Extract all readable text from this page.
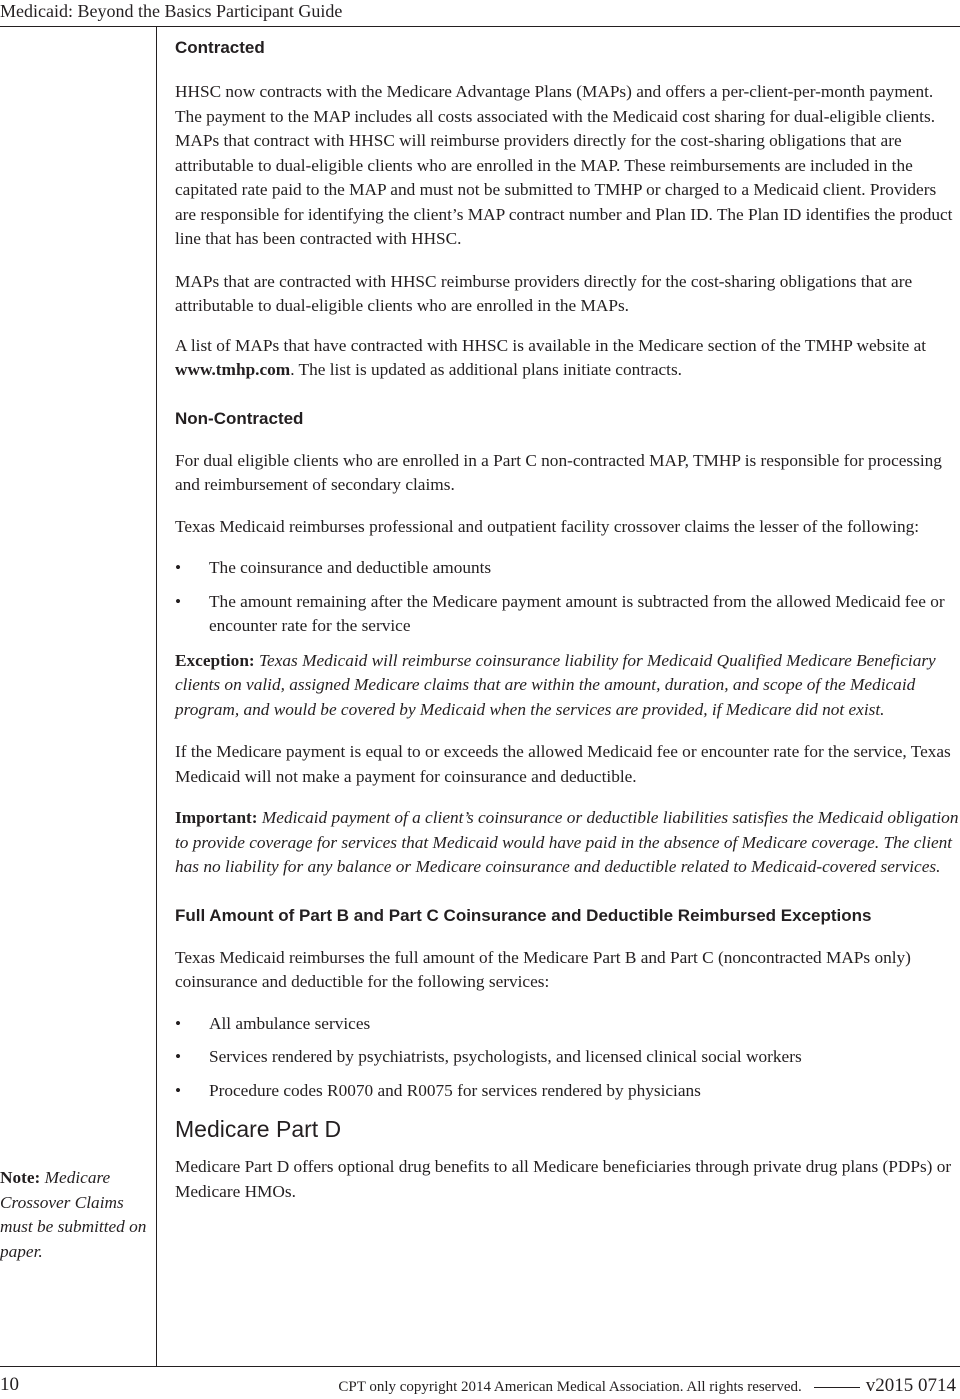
Medicaid: Beyond the Basics Participant Guide
Note: Medicare Crossover Claims must be submitted on paper.
Contracted

HHSC now contracts with the Medicare Advantage Plans (MAPs) and offers a per-client-per-month payment. The payment to the MAP includes all costs associated with the Medicaid cost sharing for dual-eligible clients. MAPs that contract with HHSC will reimburse providers directly for the cost-sharing obligations that are attributable to dual-eligible clients who are enrolled in the MAP. These reimbursements are included in the capitated rate paid to the MAP and must not be submitted to TMHP or charged to a Medicaid client. Providers are responsible for identifying the client’s MAP contract number and Plan ID. The Plan ID identifies the product line that has been contracted with HHSC.

MAPs that are contracted with HHSC reimburse providers directly for the cost-sharing obligations that are attributable to dual-eligible clients who are enrolled in the MAPs.

A list of MAPs that have contracted with HHSC is available in the Medicare section of the TMHP website at www.tmhp.com. The list is updated as additional plans initiate contracts.

Non-Contracted

For dual eligible clients who are enrolled in a Part C non-contracted MAP, TMHP is responsible for processing and reimbursement of secondary claims.

Texas Medicaid reimburses professional and outpatient facility crossover claims the lesser of the following:

• The coinsurance and deductible amounts
• The amount remaining after the Medicare payment amount is subtracted from the allowed Medicaid fee or encounter rate for the service

Exception: Texas Medicaid will reimburse coinsurance liability for Medicaid Qualified Medicare Beneficiary clients on valid, assigned Medicare claims that are within the amount, duration, and scope of the Medicaid program, and would be covered by Medicaid when the services are provided, if Medicare did not exist.

If the Medicare payment is equal to or exceeds the allowed Medicaid fee or encounter rate for the service, Texas Medicaid will not make a payment for coinsurance and deductible.

Important: Medicaid payment of a client’s coinsurance or deductible liabilities satisfies the Medicaid obligation to provide coverage for services that Medicaid would have paid in the absence of Medicare coverage. The client has no liability for any balance or Medicare coinsurance and deductible related to Medicaid-covered services.

Full Amount of Part B and Part C Coinsurance and Deductible Reimbursed Exceptions

Texas Medicaid reimburses the full amount of the Medicare Part B and Part C (noncontracted MAPs only) coinsurance and deductible for the following services:

• All ambulance services
• Services rendered by psychiatrists, psychologists, and licensed clinical social workers
• Procedure codes R0070 and R0075 for services rendered by physicians
Medicare Part D

Medicare Part D offers optional drug benefits to all Medicare beneficiaries through private drug plans (PDPs) or Medicare HMOs.

10	CPT only copyright 2014 American Medical Association. All rights reserved.	v2015 0714
